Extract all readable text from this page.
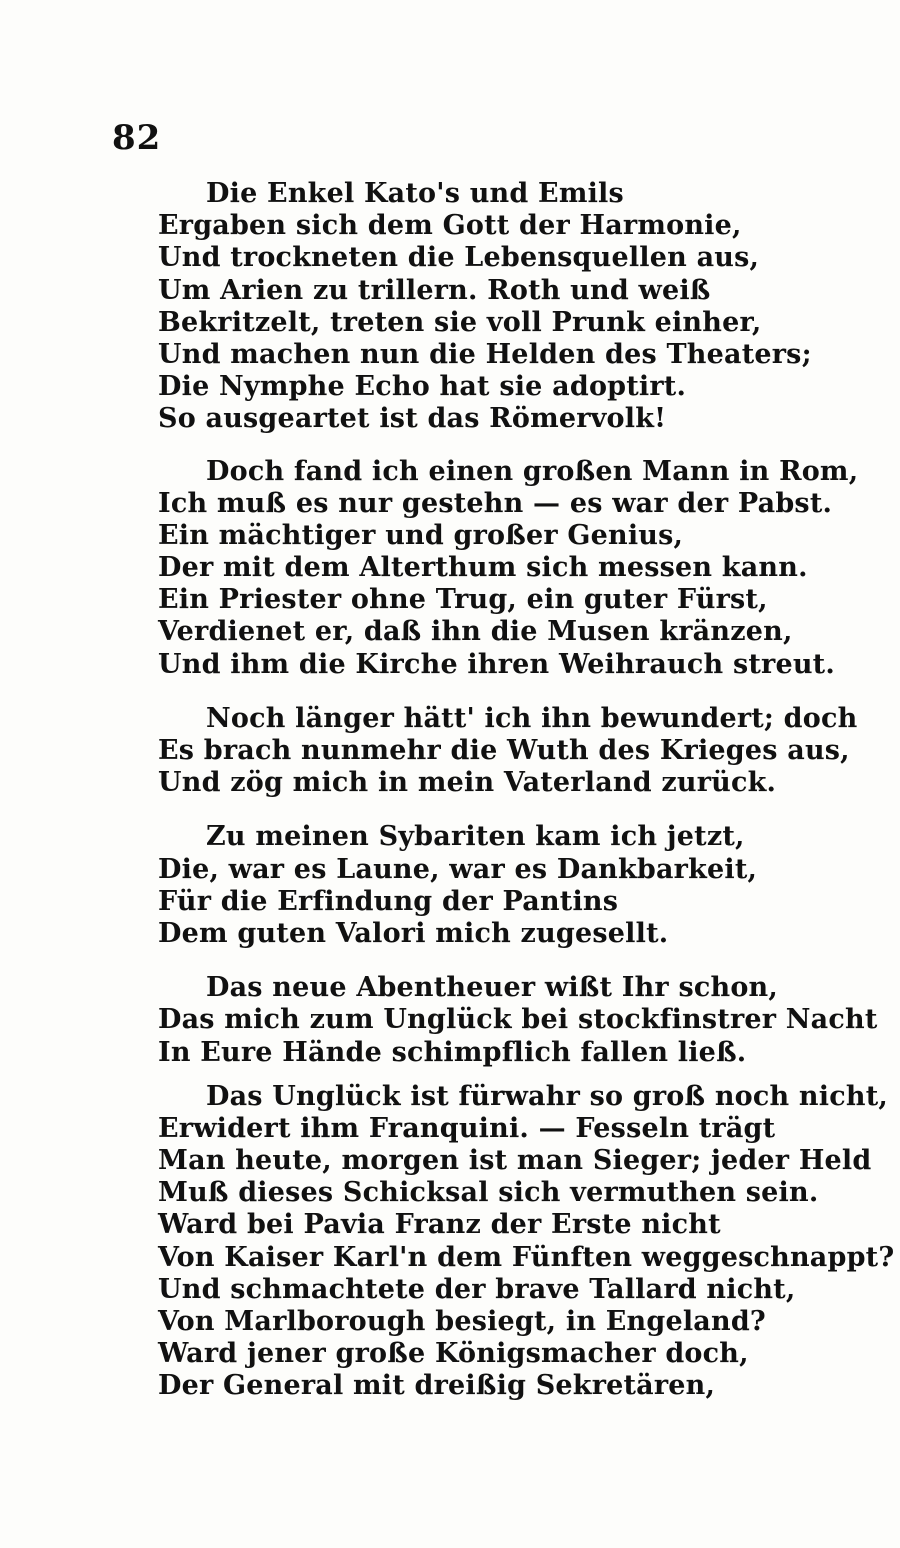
82
Die Enkel Kato's und Emils
Ergaben sich dem Gott der Harmonie,
Und trockneten die Lebensquellen aus,
Um Arien zu trillern. Roth und weiß
Bekritzelt, treten sie voll Prunk einher,
Und machen nun die Helden des Theaters;
Die Nymphe Echo hat sie adoptirt.
So ausgeartet ist das Römervolk!
Doch fand ich einen großen Mann in Rom,
Ich muß es nur gestehn — es war der Pabst.
Ein mächtiger und großer Genius,
Der mit dem Alterthum sich messen kann.
Ein Priester ohne Trug, ein guter Fürst,
Verdienet er, daß ihn die Musen kränzen,
Und ihm die Kirche ihren Weihrauch streut.
Noch länger hätt' ich ihn bewundert; doch
Es brach nunmehr die Wuth des Krieges aus,
Und zög mich in mein Vaterland zurück.
Zu meinen Sybariten kam ich jetzt,
Die, war es Laune, war es Dankbarkeit,
Für die Erfindung der Pantins
Dem guten Valori mich zugesellt.
Das neue Abentheuer wißt Ihr schon,
Das mich zum Unglück bei stockfinstrer Nacht
In Eure Hände schimpflich fallen ließ.
Das Unglück ist fürwahr so groß noch nicht,
Erwidert ihm Franquini. — Fesseln trägt
Man heute, morgen ist man Sieger; jeder Held
Muß dieses Schicksal sich vermuthen sein.
Ward bei Pavia Franz der Erste nicht
Von Kaiser Karl'n dem Fünften weggeschnappt?
Und schmachtete der brave Tallard nicht,
Von Marlborough besiegt, in Engeland?
Ward jener große Königsmacher doch,
Der General mit dreißig Sekretären,
